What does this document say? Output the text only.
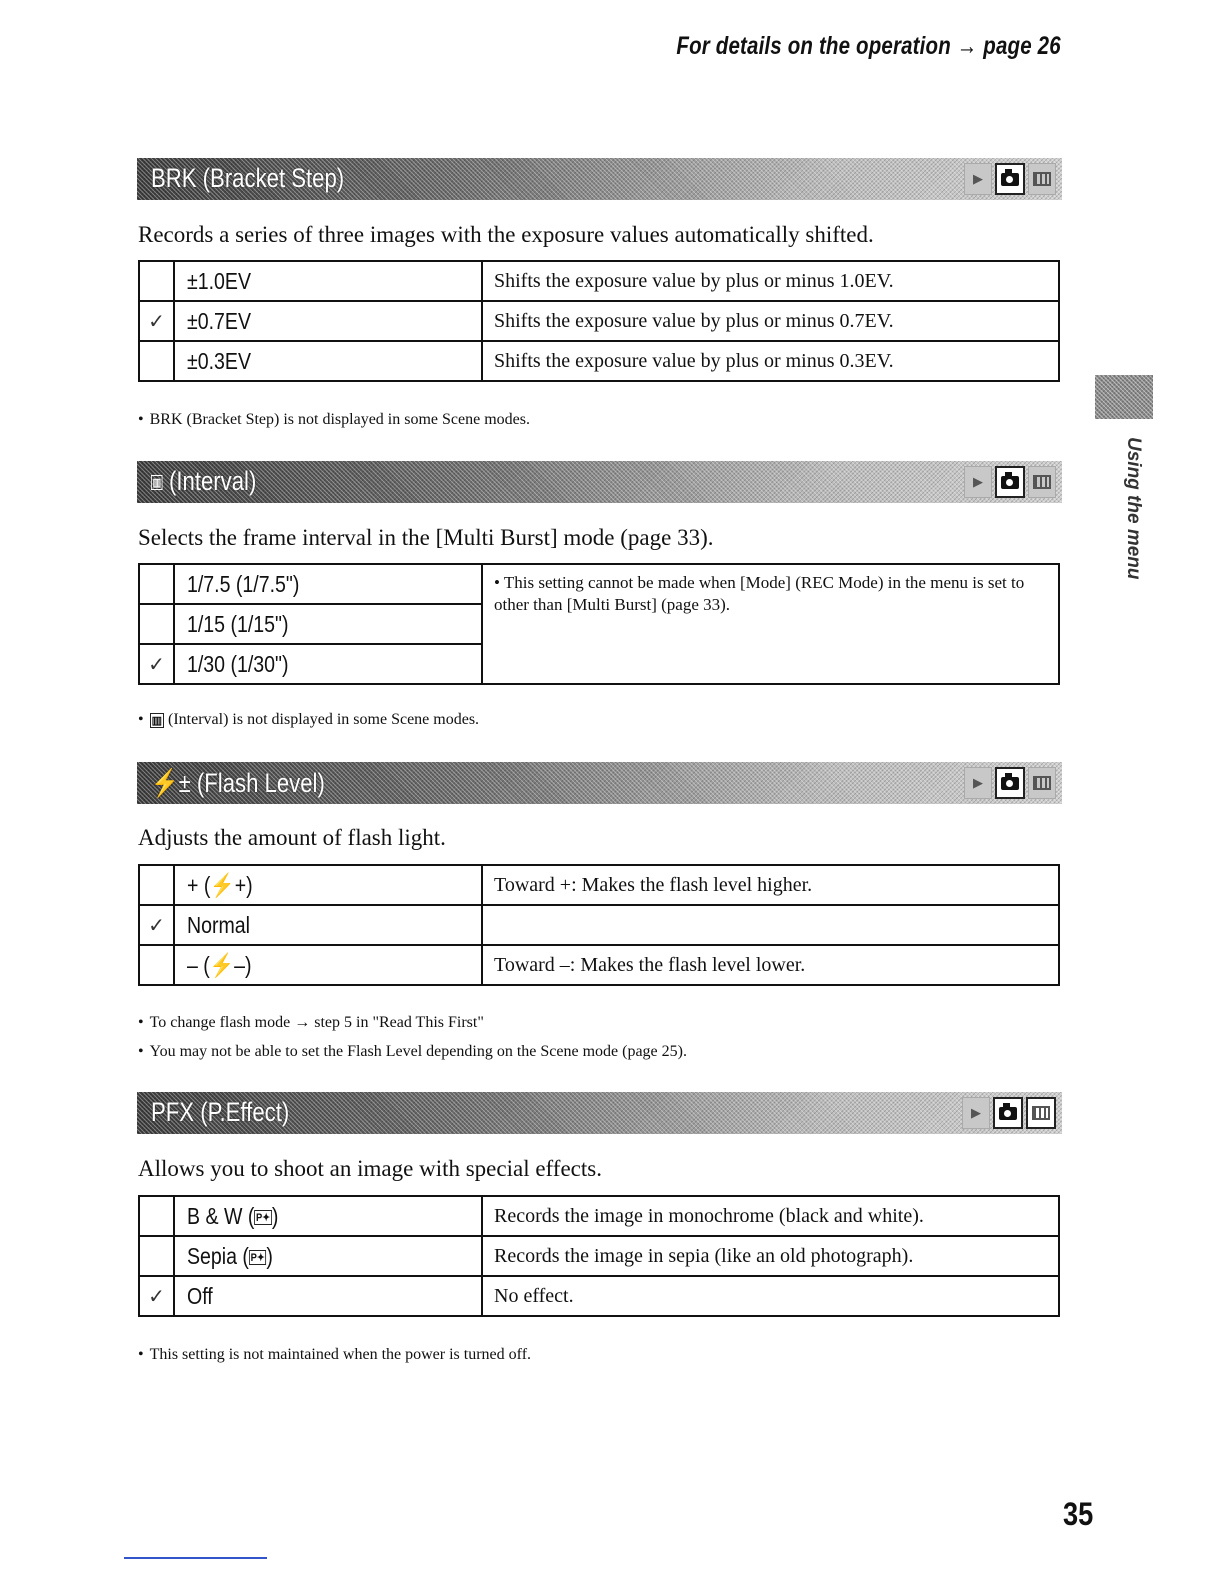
For details on the operation → page 26
BRK (Bracket Step)	▶
Records a series of three images with the exposure values automatically shifted.
	±1.0EV	Shifts the exposure value by plus or minus 1.0EV.
✓	±0.7EV	Shifts the exposure value by plus or minus 0.7EV.
	±0.3EV	Shifts the exposure value by plus or minus 0.3EV.
• BRK (Bracket Step) is not displayed in some Scene modes.
▥ (Interval)	▶
Selects the frame interval in the [Multi Burst] mode (page 33).
	1/7.5 (1/7.5")	• This setting cannot be made when [Mode] (REC Mode) in the menu is set to other than [Multi Burst] (page 33).
	1/15 (1/15")	
✓	1/30 (1/30")	
• ▥ (Interval) is not displayed in some Scene modes.
⚡± (Flash Level)	▶
Adjusts the amount of flash light.
	+ (⚡+)	Toward +: Makes the flash level higher.
✓	Normal	
	– (⚡–)	Toward –: Makes the flash level lower.
• To change flash mode → step 5 in "Read This First"
• You may not be able to set the Flash Level depending on the Scene mode (page 25).
PFX (P.Effect)	▶
Allows you to shoot an image with special effects.
	B & W ( P✦)	Records the image in monochrome (black and white).
	Sepia ( P✦)	Records the image in sepia (like an old photograph).
✓	Off	No effect.
• This setting is not maintained when the power is turned off.
Using the menu
35
